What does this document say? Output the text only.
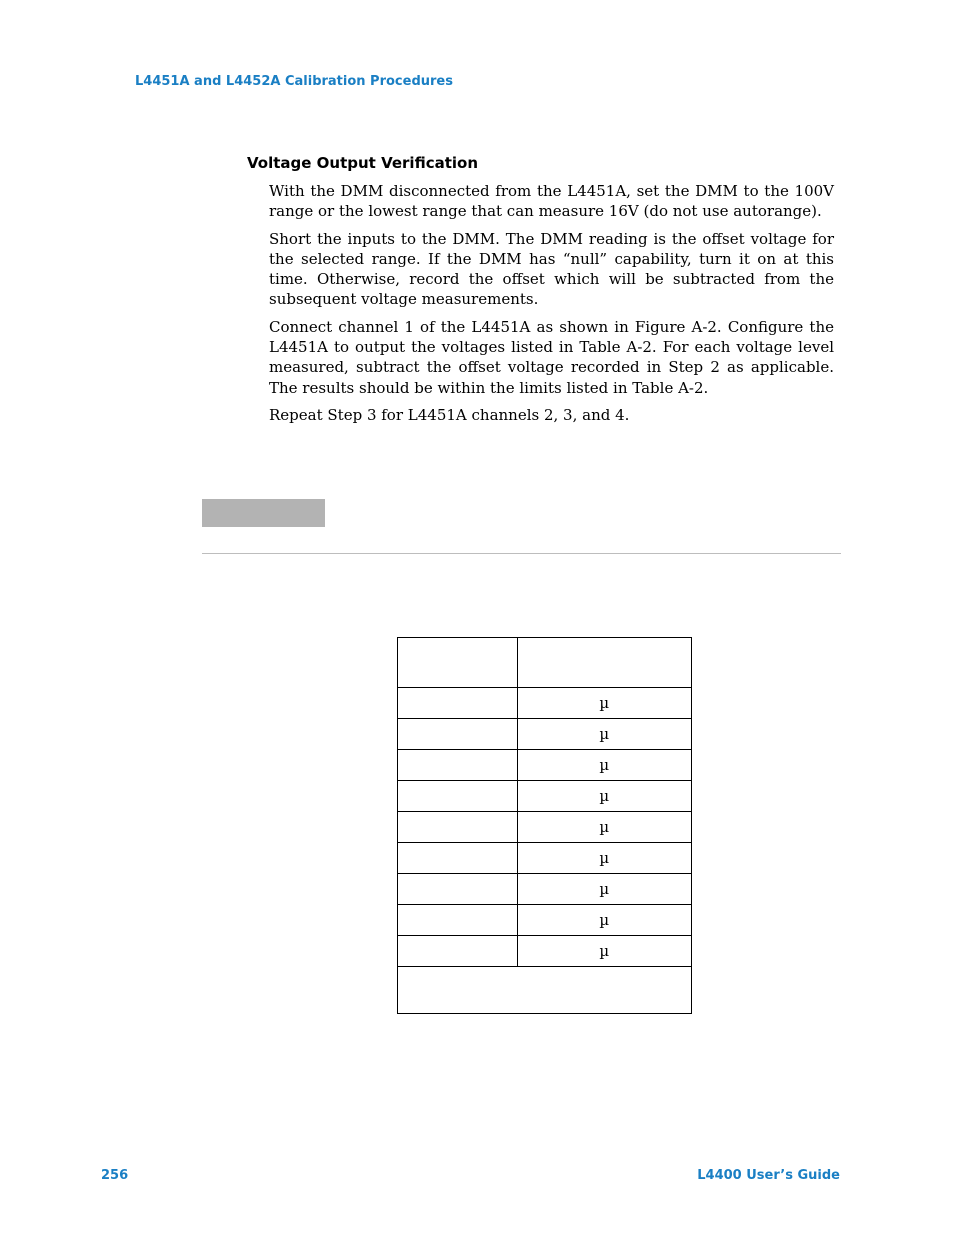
L4451A and L4452A Calibration Procedures
Voltage Output Verification

With the DMM disconnected from the L4451A, set the DMM to the 100V range or the lowest range that can measure 16V (do not use autorange).

Short the inputs to the DMM. The DMM reading is the offset voltage for the selected range. If the DMM has “null” capability, turn it on at this time. Otherwise, record the offset which will be subtracted from the subsequent voltage measurements.

Connect channel 1 of the L4451A as shown in Figure A-2. Configure the L4451A to output the voltages listed in Table A-2. For each voltage level measured, subtract the offset voltage recorded in Step 2 as applicable. The results should be within the limits listed in Table A-2.

Repeat Step 3 for L4451A channels 2, 3, and 4.

	µ
	µ
	µ
	µ
	µ
	µ
	µ
	µ
	µ

256	L4400 User’s Guide
